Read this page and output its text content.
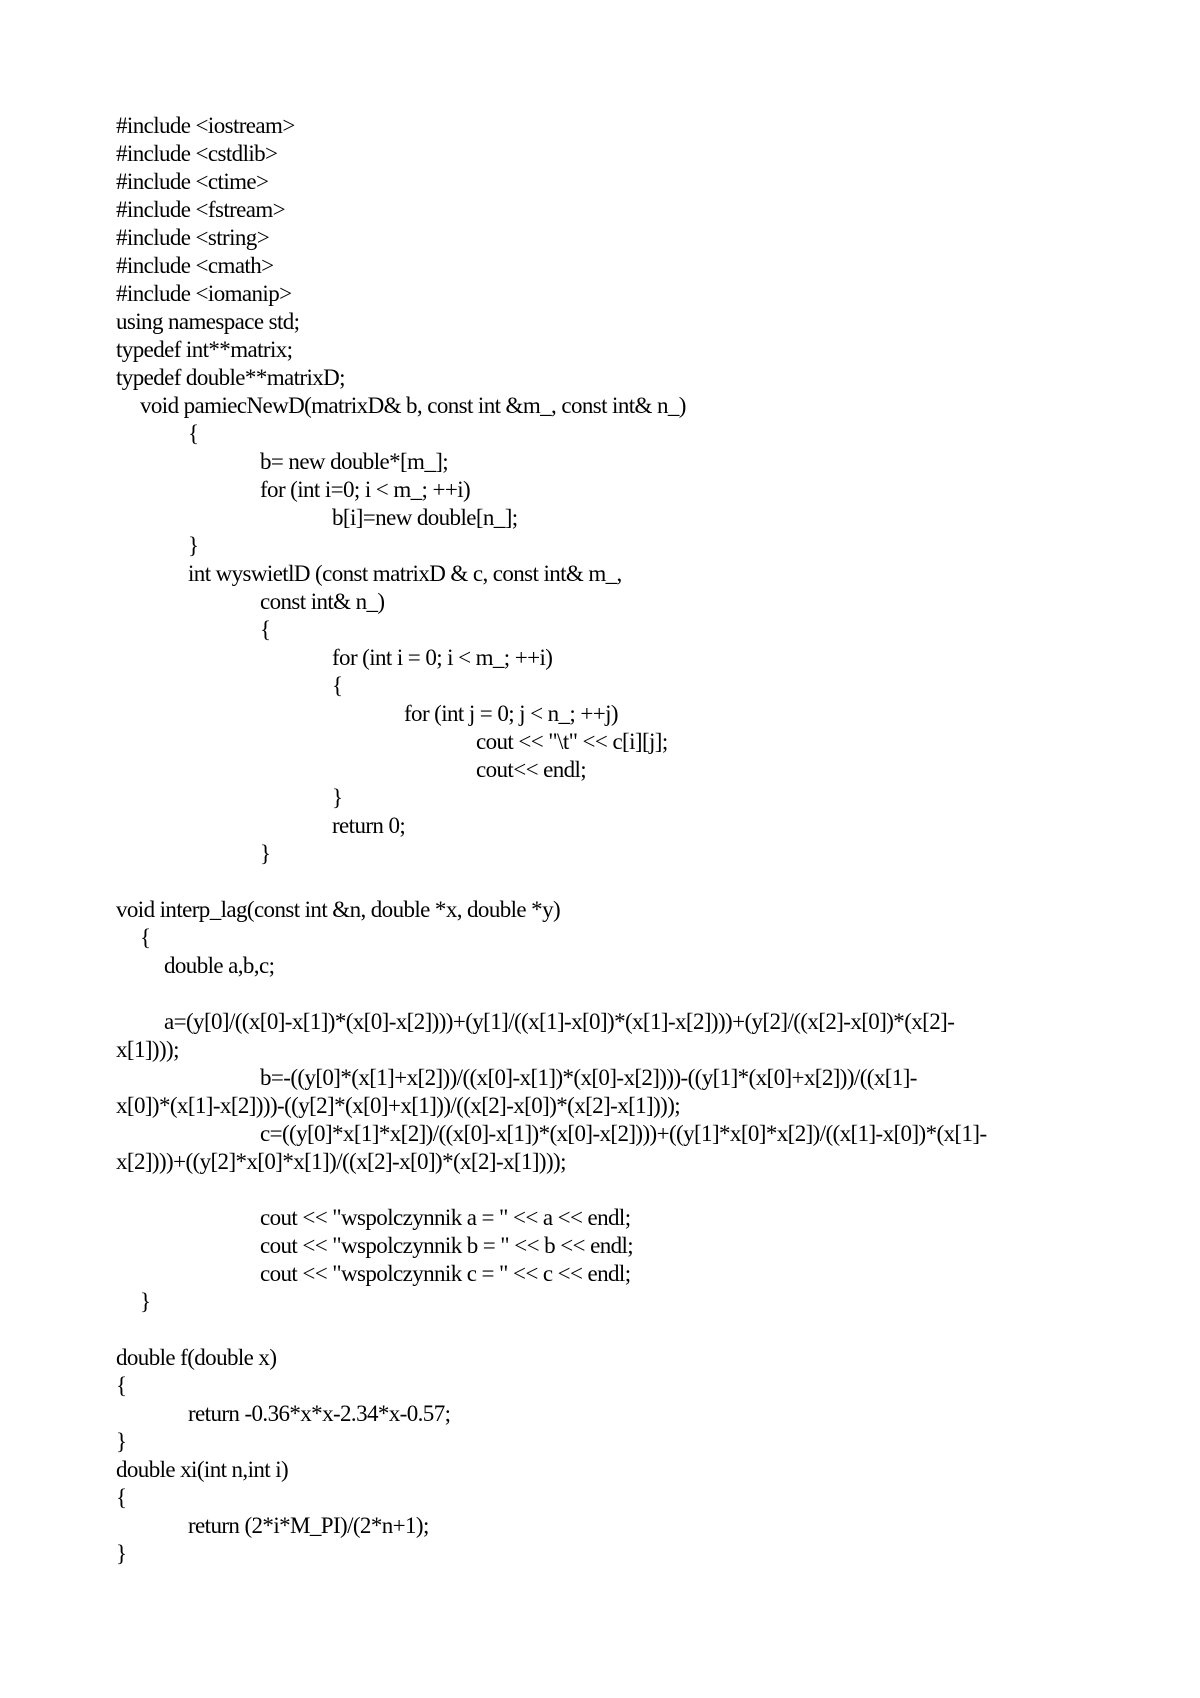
#include <iostream>
#include <cstdlib>
#include <ctime>
#include <fstream>
#include <string>
#include <cmath>
#include <iomanip>
using namespace std;
typedef int**matrix;
typedef double**matrixD;
void pamiecNewD(matrixD& b, const int &m_, const int& n_)
{
b= new double*[m_];
for (int i=0; i < m_; ++i)
b[i]=new double[n_];
}
int wyswietlD (const matrixD & c, const int& m_,
const int& n_)
{
for (int i = 0; i < m_; ++i)
{
for (int j = 0; j < n_; ++j)
cout << "\t" << c[i][j];
cout<< endl;
}
return 0;
}
void interp_lag(const int &n, double *x, double *y)
{
double a,b,c;
a=(y[0]/((x[0]-x[1])*(x[0]-x[2])))+(y[1]/((x[1]-x[0])*(x[1]-x[2])))+(y[2]/((x[2]-x[0])*(x[2]-
x[1])));
b=-((y[0]*(x[1]+x[2]))/((x[0]-x[1])*(x[0]-x[2])))-((y[1]*(x[0]+x[2]))/((x[1]-
x[0])*(x[1]-x[2])))-((y[2]*(x[0]+x[1]))/((x[2]-x[0])*(x[2]-x[1])));
c=((y[0]*x[1]*x[2])/((x[0]-x[1])*(x[0]-x[2])))+((y[1]*x[0]*x[2])/((x[1]-x[0])*(x[1]-
x[2])))+((y[2]*x[0]*x[1])/((x[2]-x[0])*(x[2]-x[1])));
cout << "wspolczynnik a = " << a << endl;
cout << "wspolczynnik b = " << b << endl;
cout << "wspolczynnik c = " << c << endl;
}
double f(double x)
{
return -0.36*x*x-2.34*x-0.57;
}
double xi(int n,int i)
{
return (2*i*M_PI)/(2*n+1);
}
